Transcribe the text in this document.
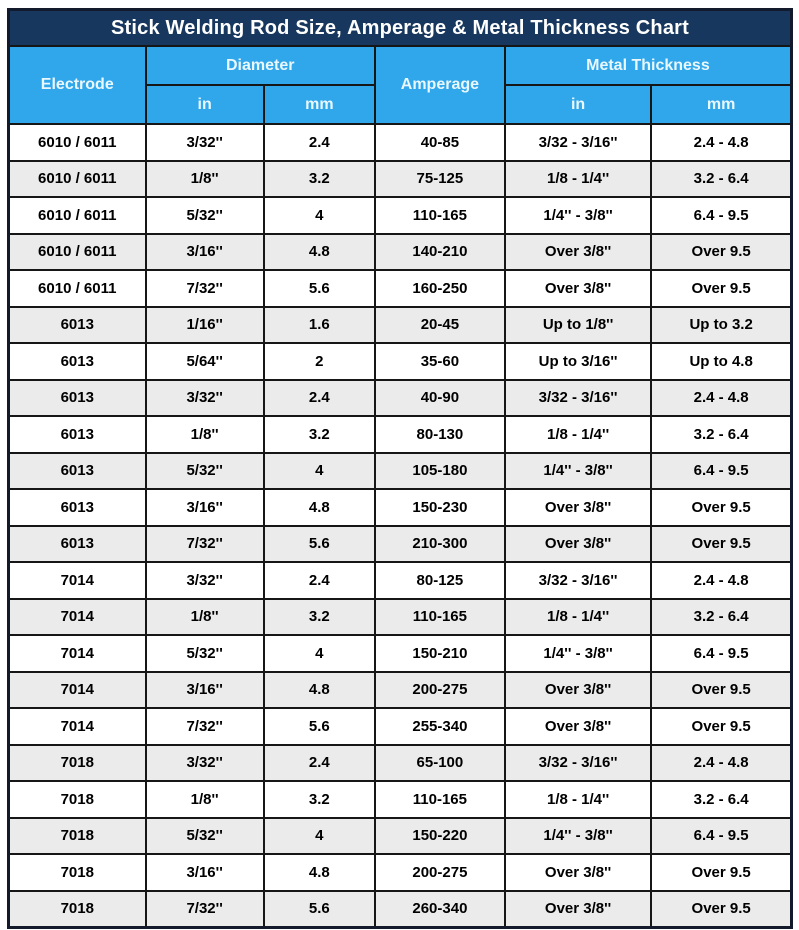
Stick Welding Rod Size, Amperage & Metal Thickness Chart					
Electrode	Diameter		Amperage	Metal Thickness	
	in	mm		in	mm
6010 / 6011	3/32''	2.4	40-85	3/32 - 3/16''	2.4 - 4.8
6010 / 6011	1/8''	3.2	75-125	1/8 - 1/4''	3.2 - 6.4
6010 / 6011	5/32''	4	110-165	1/4'' - 3/8''	6.4 - 9.5
6010 / 6011	3/16''	4.8	140-210	Over 3/8''	Over 9.5
6010 / 6011	7/32''	5.6	160-250	Over 3/8''	Over 9.5
6013	1/16''	1.6	20-45	Up to 1/8''	Up to 3.2
6013	5/64''	2	35-60	Up to 3/16''	Up to 4.8
6013	3/32''	2.4	40-90	3/32 - 3/16''	2.4 - 4.8
6013	1/8''	3.2	80-130	1/8 - 1/4''	3.2 - 6.4
6013	5/32''	4	105-180	1/4'' - 3/8''	6.4 - 9.5
6013	3/16''	4.8	150-230	Over 3/8''	Over 9.5
6013	7/32''	5.6	210-300	Over 3/8''	Over 9.5
7014	3/32''	2.4	80-125	3/32 - 3/16''	2.4 - 4.8
7014	1/8''	3.2	110-165	1/8 - 1/4''	3.2 - 6.4
7014	5/32''	4	150-210	1/4'' - 3/8''	6.4 - 9.5
7014	3/16''	4.8	200-275	Over 3/8''	Over 9.5
7014	7/32''	5.6	255-340	Over 3/8''	Over 9.5
7018	3/32''	2.4	65-100	3/32 - 3/16''	2.4 - 4.8
7018	1/8''	3.2	110-165	1/8 - 1/4''	3.2 - 6.4
7018	5/32''	4	150-220	1/4'' - 3/8''	6.4 - 9.5
7018	3/16''	4.8	200-275	Over 3/8''	Over 9.5
7018	7/32''	5.6	260-340	Over 3/8''	Over 9.5
